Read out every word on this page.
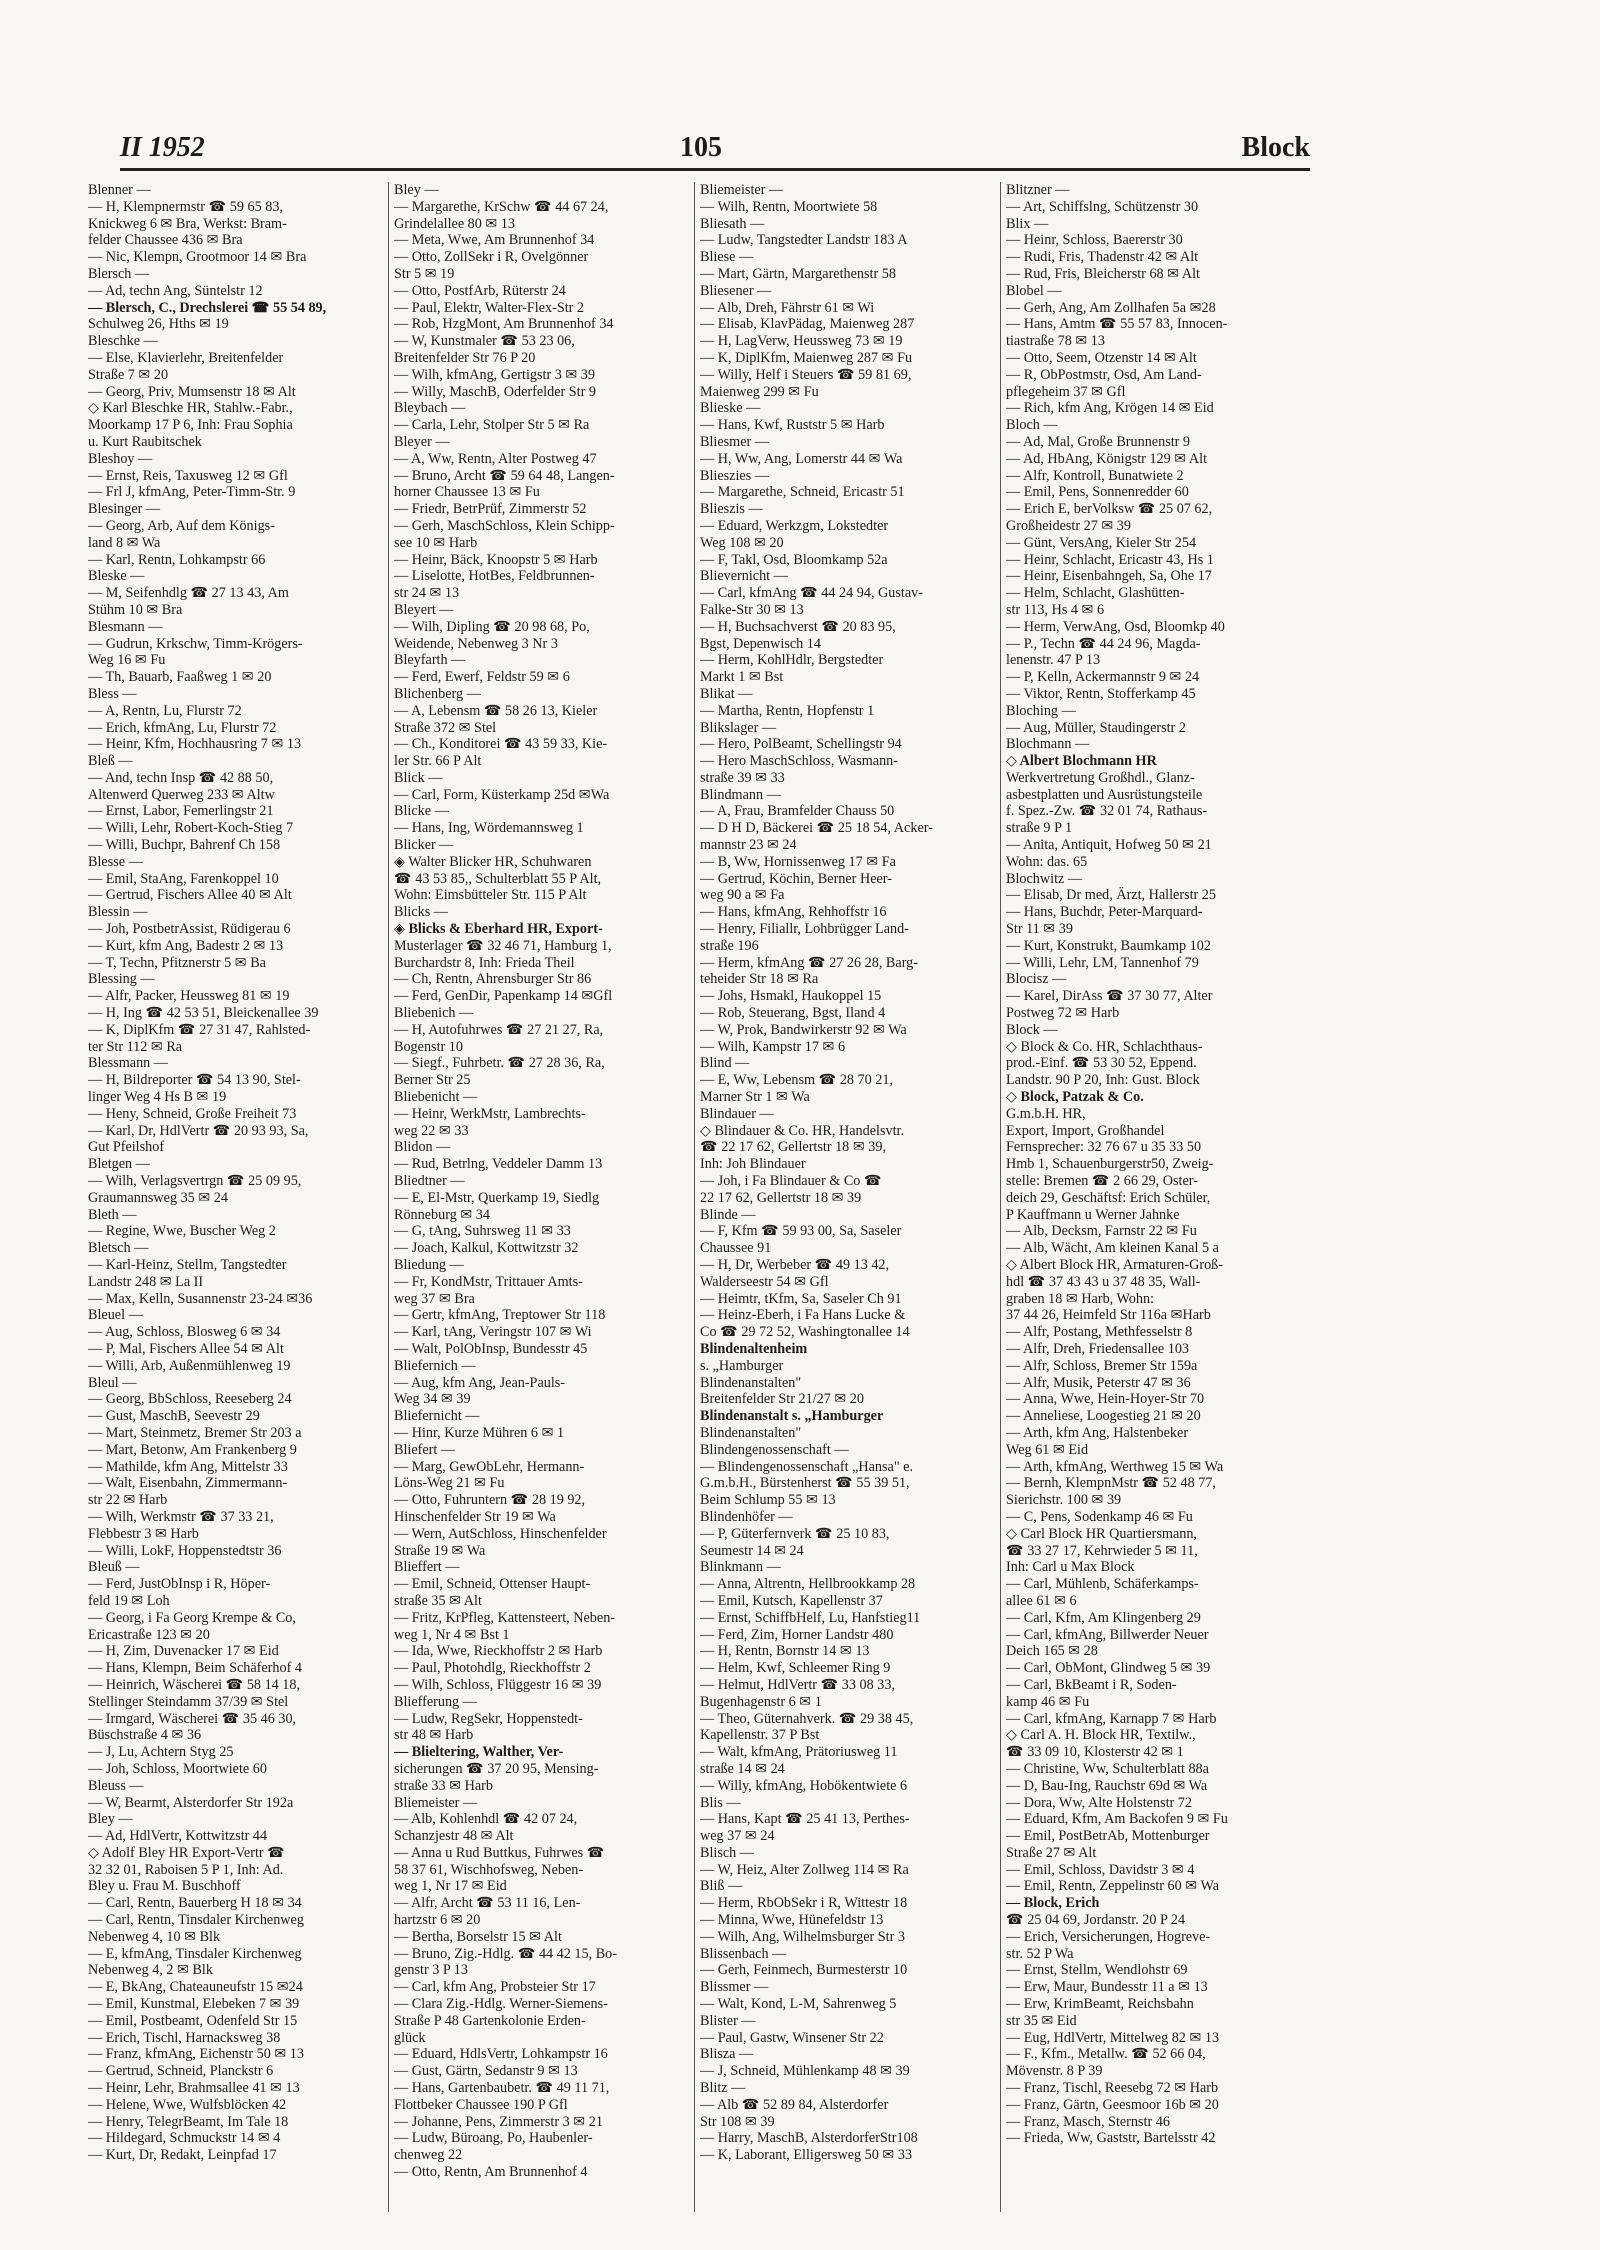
II 1952	105	Block
Blenner —
— H, Klempnermstr ☎ 59 65 83,
Knickweg 6 ✉ Bra, Werkst: Bram-
felder Chaussee 436 ✉ Bra
— Nic, Klempn, Grootmoor 14 ✉ Bra
Blersch —
— Ad, techn Ang, Süntelstr 12
— Blersch, C., Drechslerei ☎ 55 54 89,
Schulweg 26, Hths ✉ 19
Bleschke —
— Else, Klavierlehr, Breitenfelder
Straße 7 ✉ 20
— Georg, Priv, Mumsenstr 18 ✉ Alt
◇ Karl Bleschke HR, Stahlw.-Fabr.,
Moorkamp 17 P 6, Inh: Frau Sophia
u. Kurt Raubitschek
Bleshoy —
— Ernst, Reis, Taxusweg 12 ✉ Gfl
— Frl J, kfmAng, Peter-Timm-Str. 9
Blesinger —
— Georg, Arb, Auf dem Königs-
land 8 ✉ Wa
— Karl, Rentn, Lohkampstr 66
Bleske —
— M, Seifenhdlg ☎ 27 13 43, Am
Stühm 10 ✉ Bra
Blesmann —
— Gudrun, Krkschw, Timm-Krögers-
Weg 16 ✉ Fu
— Th, Bauarb, Faaßweg 1 ✉ 20
Bless —
— A, Rentn, Lu, Flurstr 72
— Erich, kfmAng, Lu, Flurstr 72
— Heinr, Kfm, Hochhausring 7 ✉ 13
Bleß —
— And, techn Insp ☎ 42 88 50,
Altenwerd Querweg 233 ✉ Altw
— Ernst, Labor, Femerlingstr 21
— Willi, Lehr, Robert-Koch-Stieg 7
— Willi, Buchpr, Bahrenf Ch 158
Blesse —
— Emil, StaAng, Farenkoppel 10
— Gertrud, Fischers Allee 40 ✉ Alt
Blessin —
— Joh, PostbetrAssist, Rüdigerau 6
— Kurt, kfm Ang, Badestr 2 ✉ 13
— T, Techn, Pfitznerstr 5 ✉ Ba
Blessing —
— Alfr, Packer, Heussweg 81 ✉ 19
— H, Ing ☎ 42 53 51, Bleickenallee 39
— K, DiplKfm ☎ 27 31 47, Rahlsted-
ter Str 112 ✉ Ra
Blessmann —
— H, Bildreporter ☎ 54 13 90, Stel-
linger Weg 4 Hs B ✉ 19
— Heny, Schneid, Große Freiheit 73
— Karl, Dr, HdlVertr ☎ 20 93 93, Sa,
Gut Pfeilshof
Bletgen —
— Wilh, Verlagsvertrgn ☎ 25 09 95,
Graumannsweg 35 ✉ 24
Bleth —
— Regine, Wwe, Buscher Weg 2
Bletsch —
— Karl-Heinz, Stellm, Tangstedter
Landstr 248 ✉ La II
— Max, Kelln, Susannenstr 23-24 ✉36
Bleuel —
— Aug, Schloss, Blosweg 6 ✉ 34
— P, Mal, Fischers Allee 54 ✉ Alt
— Willi, Arb, Außenmühlenweg 19
Bleul —
— Georg, BbSchloss, Reeseberg 24
— Gust, MaschB, Seevestr 29
— Mart, Steinmetz, Bremer Str 203 a
— Mart, Betonw, Am Frankenberg 9
— Mathilde, kfm Ang, Mittelstr 33
— Walt, Eisenbahn, Zimmermann-
str 22 ✉ Harb
— Wilh, Werkmstr ☎ 37 33 21,
Flebbestr 3 ✉ Harb
— Willi, LokF, Hoppenstedtstr 36
Bleuß —
— Ferd, JustObInsp i R, Höper-
feld 19 ✉ Loh
— Georg, i Fa Georg Krempe & Co,
Ericastraße 123 ✉ 20
— H, Zim, Duvenacker 17 ✉ Eid
— Hans, Klempn, Beim Schäferhof 4
— Heinrich, Wäscherei ☎ 58 14 18,
Stellinger Steindamm 37/39 ✉ Stel
— Irmgard, Wäscherei ☎ 35 46 30,
Büschstraße 4 ✉ 36
— J, Lu, Achtern Styg 25
— Joh, Schloss, Moortwiete 60
Bleuss —
— W, Bearmt, Alsterdorfer Str 192a
Bley —
— Ad, HdlVertr, Kottwitzstr 44
◇ Adolf Bley HR Export-Vertr ☎
32 32 01, Raboisen 5 P 1, Inh: Ad.
Bley u. Frau M. Buschhoff
— Carl, Rentn, Bauerberg H 18 ✉ 34
— Carl, Rentn, Tinsdaler Kirchenweg
Nebenweg 4, 10 ✉ Blk
— E, kfmAng, Tinsdaler Kirchenweg
Nebenweg 4, 2 ✉ Blk
— E, BkAng, Chateauneufstr 15 ✉24
— Emil, Kunstmal, Elebeken 7 ✉ 39
— Emil, Postbeamt, Odenfeld Str 15
— Erich, Tischl, Harnacksweg 38
— Franz, kfmAng, Eichenstr 50 ✉ 13
— Gertrud, Schneid, Planckstr 6
— Heinr, Lehr, Brahmsallee 41 ✉ 13
— Helene, Wwe, Wulfsblöcken 42
— Henry, TelegrBeamt, Im Tale 18
— Hildegard, Schmuckstr 14 ✉ 4
— Kurt, Dr, Redakt, Leinpfad 17
Bley —
— Margarethe, KrSchw ☎ 44 67 24,
Grindelallee 80 ✉ 13
— Meta, Wwe, Am Brunnenhof 34
— Otto, ZollSekr i R, Ovelgönner
Str 5 ✉ 19
— Otto, PostfArb, Rüterstr 24
— Paul, Elektr, Walter-Flex-Str 2
— Rob, HzgMont, Am Brunnenhof 34
— W, Kunstmaler ☎ 53 23 06,
Breitenfelder Str 76 P 20
— Wilh, kfmAng, Gertigstr 3 ✉ 39
— Willy, MaschB, Oderfelder Str 9
Bleybach —
— Carla, Lehr, Stolper Str 5 ✉ Ra
Bleyer —
— A, Ww, Rentn, Alter Postweg 47
— Bruno, Archt ☎ 59 64 48, Langen-
horner Chaussee 13 ✉ Fu
— Friedr, BetrPrüf, Zimmerstr 52
— Gerh, MaschSchloss, Klein Schipp-
see 10 ✉ Harb
— Heinr, Bäck, Knoopstr 5 ✉ Harb
— Liselotte, HotBes, Feldbrunnen-
str 24 ✉ 13
Bleyert —
— Wilh, Dipling ☎ 20 98 68, Po,
Weidende, Nebenweg 3 Nr 3
Bleyfarth —
— Ferd, Ewerf, Feldstr 59 ✉ 6
Blichenberg —
— A, Lebensm ☎ 58 26 13, Kieler
Straße 372 ✉ Stel
— Ch., Konditorei ☎ 43 59 33, Kie-
ler Str. 66 P Alt
Blick —
— Carl, Form, Küsterkamp 25d ✉Wa
Blicke —
— Hans, Ing, Wördemannsweg 1
Blicker —
◈ Walter Blicker HR, Schuhwaren
☎ 43 53 85,, Schulterblatt 55 P Alt,
Wohn: Eimsbütteler Str. 115 P Alt
Blicks —
◈ Blicks & Eberhard HR, Export-
Musterlager ☎ 32 46 71, Hamburg 1,
Burchardstr 8, Inh: Frieda Theil
— Ch, Rentn, Ahrensburger Str 86
— Ferd, GenDir, Papenkamp 14 ✉Gfl
Bliebenich —
— H, Autofuhrwes ☎ 27 21 27, Ra,
Bogenstr 10
— Siegf., Fuhrbetr. ☎ 27 28 36, Ra,
Berner Str 25
Bliebenicht —
— Heinr, WerkMstr, Lambrechts-
weg 22 ✉ 33
Blidon —
— Rud, Betrlng, Veddeler Damm 13
Bliedtner —
— E, El-Mstr, Querkamp 19, Siedlg
Rönneburg ✉ 34
— G, tAng, Suhrsweg 11 ✉ 33
— Joach, Kalkul, Kottwitzstr 32
Bliedung —
— Fr, KondMstr, Trittauer Amts-
weg 37 ✉ Bra
— Gertr, kfmAng, Treptower Str 118
— Karl, tAng, Veringstr 107 ✉ Wi
— Walt, PolObInsp, Bundesstr 45
Bliefernich —
— Aug, kfm Ang, Jean-Pauls-
Weg 34 ✉ 39
Bliefernicht —
— Hinr, Kurze Mühren 6 ✉ 1
Bliefert —
— Marg, GewObLehr, Hermann-
Löns-Weg 21 ✉ Fu
— Otto, Fuhruntern ☎ 28 19 92,
Hinschenfelder Str 19 ✉ Wa
— Wern, AutSchloss, Hinschenfelder
Straße 19 ✉ Wa
Blieffert —
— Emil, Schneid, Ottenser Haupt-
straße 35 ✉ Alt
— Fritz, KrPfleg, Kattensteert, Neben-
weg 1, Nr 4 ✉ Bst 1
— Ida, Wwe, Rieckhoffstr 2 ✉ Harb
— Paul, Photohdlg, Rieckhoffstr 2
— Wilh, Schloss, Flüggestr 16 ✉ 39
Bliefferung —
— Ludw, RegSekr, Hoppenstedt-
str 48 ✉ Harb
— Blieltering, Walther, Ver-
sicherungen ☎ 37 20 95, Mensing-
straße 33 ✉ Harb
Bliemeister —
— Alb, Kohlenhdl ☎ 42 07 24,
Schanzjestr 48 ✉ Alt
— Anna u Rud Buttkus, Fuhrwes ☎
58 37 61, Wischhofsweg, Neben-
weg 1, Nr 17 ✉ Eid
— Alfr, Archt ☎ 53 11 16, Len-
hartzstr 6 ✉ 20
— Bertha, Borselstr 15 ✉ Alt
— Bruno, Zig.-Hdlg. ☎ 44 42 15, Bo-
genstr 3 P 13
— Carl, kfm Ang, Probsteier Str 17
— Clara Zig.-Hdlg. Werner-Siemens-
Straße P 48 Gartenkolonie Erden-
glück
— Eduard, HdlsVertr, Lohkampstr 16
— Gust, Gärtn, Sedanstr 9 ✉ 13
— Hans, Gartenbaubetr. ☎ 49 11 71,
Flottbeker Chaussee 190 P Gfl
— Johanne, Pens, Zimmerstr 3 ✉ 21
— Ludw, Büroang, Po, Haubenler-
chenweg 22
— Otto, Rentn, Am Brunnenhof 4
Bliemeister —
— Wilh, Rentn, Moortwiete 58
Bliesath —
— Ludw, Tangstedter Landstr 183 A
Bliese —
— Mart, Gärtn, Margarethenstr 58
Bliesener —
— Alb, Dreh, Fährstr 61 ✉ Wi
— Elisab, KlavPädag, Maienweg 287
— H, LagVerw, Heussweg 73 ✉ 19
— K, DiplKfm, Maienweg 287 ✉ Fu
— Willy, Helf i Steuers ☎ 59 81 69,
Maienweg 299 ✉ Fu
Blieske —
— Hans, Kwf, Ruststr 5 ✉ Harb
Bliesmer —
— H, Ww, Ang, Lomerstr 44 ✉ Wa
Blieszies —
— Margarethe, Schneid, Ericastr 51
Blieszis —
— Eduard, Werkzgm, Lokstedter
Weg 108 ✉ 20
— F, Takl, Osd, Bloomkamp 52a
Blievernicht —
— Carl, kfmAng ☎ 44 24 94, Gustav-
Falke-Str 30 ✉ 13
— H, Buchsachverst ☎ 20 83 95,
Bgst, Depenwisch 14
— Herm, KohlHdlr, Bergstedter
Markt 1 ✉ Bst
Blikat —
— Martha, Rentn, Hopfenstr 1
Blikslager —
— Hero, PolBeamt, Schellingstr 94
— Hero MaschSchloss, Wasmann-
straße 39 ✉ 33
Blindmann —
— A, Frau, Bramfelder Chauss 50
— D H D, Bäckerei ☎ 25 18 54, Acker-
mannstr 23 ✉ 24
— B, Ww, Hornissenweg 17 ✉ Fa
— Gertrud, Köchin, Berner Heer-
weg 90 a ✉ Fa
— Hans, kfmAng, Rehhoffstr 16
— Henry, Filiallr, Lohbrügger Land-
straße 196
— Herm, kfmAng ☎ 27 26 28, Barg-
teheider Str 18 ✉ Ra
— Johs, Hsmakl, Haukoppel 15
— Rob, Steuerang, Bgst, Iland 4
— W, Prok, Bandwirkerstr 92 ✉ Wa
— Wilh, Kampstr 17 ✉ 6
Blind —
— E, Ww, Lebensm ☎ 28 70 21,
Marner Str 1 ✉ Wa
Blindauer —
◇ Blindauer & Co. HR, Handelsvtr.
☎ 22 17 62, Gellertstr 18 ✉ 39,
Inh: Joh Blindauer
— Joh, i Fa Blindauer & Co ☎
22 17 62, Gellertstr 18 ✉ 39
Blinde —
— F, Kfm ☎ 59 93 00, Sa, Saseler
Chaussee 91
— H, Dr, Werbeber ☎ 49 13 42,
Walderseestr 54 ✉ Gfl
— Heimtr, tKfm, Sa, Saseler Ch 91
— Heinz-Eberh, i Fa Hans Lucke &
Co ☎ 29 72 52, Washingtonallee 14
Blindenaltenheim
s. „Hamburger
Blindenanstalten"
Breitenfelder Str 21/27 ✉ 20
Blindenanstalt s. „Hamburger
Blindenanstalten"
Blindengenossenschaft —
— Blindengenossenschaft „Hansa" e.
G.m.b.H., Bürstenherst ☎ 55 39 51,
Beim Schlump 55 ✉ 13
Blindenhöfer —
— P, Güterfernverk ☎ 25 10 83,
Seumestr 14 ✉ 24
Blinkmann —
— Anna, Altrentn, Hellbrookkamp 28
— Emil, Kutsch, Kapellenstr 37
— Ernst, SchiffbHelf, Lu, Hanfstieg11
— Ferd, Zim, Horner Landstr 480
— H, Rentn, Bornstr 14 ✉ 13
— Helm, Kwf, Schleemer Ring 9
— Helmut, HdlVertr ☎ 33 08 33,
Bugenhagenstr 6 ✉ 1
— Theo, Güternahverk. ☎ 29 38 45,
Kapellenstr. 37 P Bst
— Walt, kfmAng, Prätoriusweg 11
straße 14 ✉ 24
— Willy, kfmAng, Hobökentwiete 6
Blis —
— Hans, Kapt ☎ 25 41 13, Perthes-
weg 37 ✉ 24
Blisch —
— W, Heiz, Alter Zollweg 114 ✉ Ra
Bliß —
— Herm, RbObSekr i R, Wittestr 18
— Minna, Wwe, Hünefeldstr 13
— Wilh, Ang, Wilhelmsburger Str 3
Blissenbach —
— Gerh, Feinmech, Burmesterstr 10
Blissmer —
— Walt, Kond, L-M, Sahrenweg 5
Blister —
— Paul, Gastw, Winsener Str 22
Blisza —
— J, Schneid, Mühlenkamp 48 ✉ 39
Blitz —
— Alb ☎ 52 89 84, Alsterdorfer
Str 108 ✉ 39
— Harry, MaschB, AlsterdorferStr108
— K, Laborant, Elligersweg 50 ✉ 33
Blitzner —
— Art, Schiffslng, Schützenstr 30
Blix —
— Heinr, Schloss, Baererstr 30
— Rudi, Fris, Thadenstr 42 ✉ Alt
— Rud, Fris, Bleicherstr 68 ✉ Alt
Blobel —
— Gerh, Ang, Am Zollhafen 5a ✉28
— Hans, Amtm ☎ 55 57 83, Innocen-
tiastraße 78 ✉ 13
— Otto, Seem, Otzenstr 14 ✉ Alt
— R, ObPostmstr, Osd, Am Land-
pflegeheim 37 ✉ Gfl
— Rich, kfm Ang, Krögen 14 ✉ Eid
Bloch —
— Ad, Mal, Große Brunnenstr 9
— Ad, HbAng, Königstr 129 ✉ Alt
— Alfr, Kontroll, Bunatwiete 2
— Emil, Pens, Sonnenredder 60
— Erich E, berVolksw ☎ 25 07 62,
Großheidestr 27 ✉ 39
— Günt, VersAng, Kieler Str 254
— Heinr, Schlacht, Ericastr 43, Hs 1
— Heinr, Eisenbahngeh, Sa, Ohe 17
— Helm, Schlacht, Glashütten-
str 113, Hs 4 ✉ 6
— Herm, VerwAng, Osd, Bloomkp 40
— P., Techn ☎ 44 24 96, Magda-
lenenstr. 47 P 13
— P, Kelln, Ackermannstr 9 ✉ 24
— Viktor, Rentn, Stofferkamp 45
Bloching —
— Aug, Müller, Staudingerstr 2
Blochmann —
◇ Albert Blochmann HR
Werkvertretung Großhdl., Glanz-
asbestplatten und Ausrüstungsteile
f. Spez.-Zw. ☎ 32 01 74, Rathaus-
straße 9 P 1
— Anita, Antiquit, Hofweg 50 ✉ 21
Wohn: das. 65
Blochwitz —
— Elisab, Dr med, Ärzt, Hallerstr 25
— Hans, Buchdr, Peter-Marquard-
Str 11 ✉ 39
— Kurt, Konstrukt, Baumkamp 102
— Willi, Lehr, LM, Tannenhof 79
Blocisz —
— Karel, DirAss ☎ 37 30 77, Alter
Postweg 72 ✉ Harb
Block —
◇ Block & Co. HR, Schlachthaus-
prod.-Einf. ☎ 53 30 52, Eppend.
Landstr. 90 P 20, Inh: Gust. Block
◇ Block, Patzak & Co.
G.m.b.H. HR,
Export, Import, Großhandel
Fernsprecher: 32 76 67 u 35 33 50
Hmb 1, Schauenburgerstr50, Zweig-
stelle: Bremen ☎ 2 66 29, Oster-
deich 29, Geschäftsf: Erich Schüler,
P Kauffmann u Werner Jahnke
— Alb, Decksm, Farnstr 22 ✉ Fu
— Alb, Wächt, Am kleinen Kanal 5 a
◇ Albert Block HR, Armaturen-Groß-
hdl ☎ 37 43 43 u 37 48 35, Wall-
graben 18 ✉ Harb, Wohn:
37 44 26, Heimfeld Str 116a ✉Harb
— Alfr, Postang, Methfesselstr 8
— Alfr, Dreh, Friedensallee 103
— Alfr, Schloss, Bremer Str 159a
— Alfr, Musik, Peterstr 47 ✉ 36
— Anna, Wwe, Hein-Hoyer-Str 70
— Anneliese, Loogestieg 21 ✉ 20
— Arth, kfm Ang, Halstenbeker
Weg 61 ✉ Eid
— Arth, kfmAng, Werthweg 15 ✉ Wa
— Bernh, KlempnMstr ☎ 52 48 77,
Sierichstr. 100 ✉ 39
— C, Pens, Sodenkamp 46 ✉ Fu
◇ Carl Block HR Quartiersmann,
☎ 33 27 17, Kehrwieder 5 ✉ 11,
Inh: Carl u Max Block
— Carl, Mühlenb, Schäferkamps-
allee 61 ✉ 6
— Carl, Kfm, Am Klingenberg 29
— Carl, kfmAng, Billwerder Neuer
Deich 165 ✉ 28
— Carl, ObMont, Glindweg 5 ✉ 39
— Carl, BkBeamt i R, Soden-
kamp 46 ✉ Fu
— Carl, kfmAng, Karnapp 7 ✉ Harb
◇ Carl A. H. Block HR, Textilw.,
☎ 33 09 10, Klosterstr 42 ✉ 1
— Christine, Ww, Schulterblatt 88a
— D, Bau-Ing, Rauchstr 69d ✉ Wa
— Dora, Ww, Alte Holstenstr 72
— Eduard, Kfm, Am Backofen 9 ✉ Fu
— Emil, PostBetrAb, Mottenburger
Straße 27 ✉ Alt
— Emil, Schloss, Davidstr 3 ✉ 4
— Emil, Rentn, Zeppelinstr 60 ✉ Wa
— Block, Erich
☎ 25 04 69, Jordanstr. 20 P 24
— Erich, Versicherungen, Hogreve-
str. 52 P Wa
— Ernst, Stellm, Wendlohstr 69
— Erw, Maur, Bundesstr 11 a ✉ 13
— Erw, KrimBeamt, Reichsbahn
str 35 ✉ Eid
— Eug, HdlVertr, Mittelweg 82 ✉ 13
— F., Kfm., Metallw. ☎ 52 66 04,
Mövenstr. 8 P 39
— Franz, Tischl, Reesebg 72 ✉ Harb
— Franz, Gärtn, Geesmoor 16b ✉ 20
— Franz, Masch, Sternstr 46
— Frieda, Ww, Gaststr, Bartelsstr 42
